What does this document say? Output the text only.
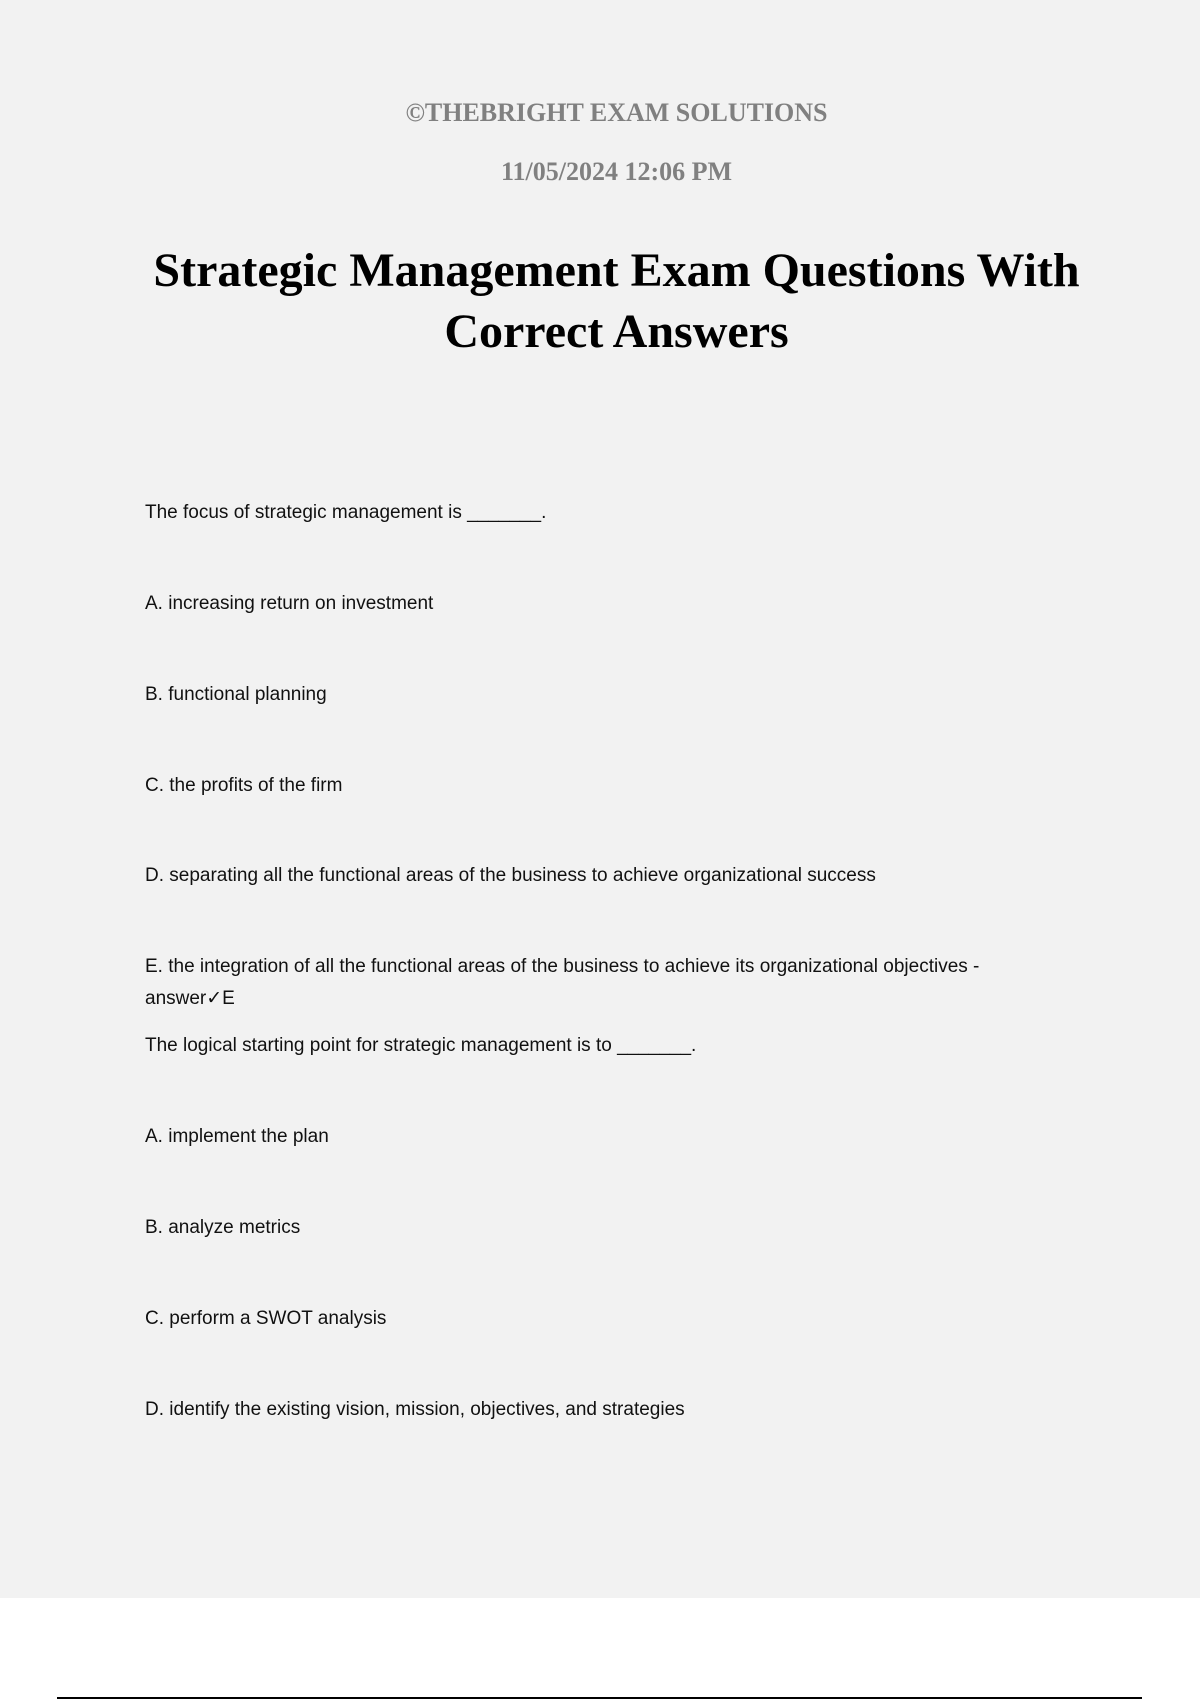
©THEBRIGHT EXAM SOLUTIONS

11/05/2024 12:06 PM

Strategic Management Exam Questions With Correct Answers

The focus of strategic management is _______.

A. increasing return on investment

B. functional planning

C. the profits of the firm

D. separating all the functional areas of the business to achieve organizational success

E. the integration of all the functional areas of the business to achieve its organizational objectives -

answer✓E

The logical starting point for strategic management is to _______.

A. implement the plan

B. analyze metrics

C. perform a SWOT analysis

D. identify the existing vision, mission, objectives, and strategies
